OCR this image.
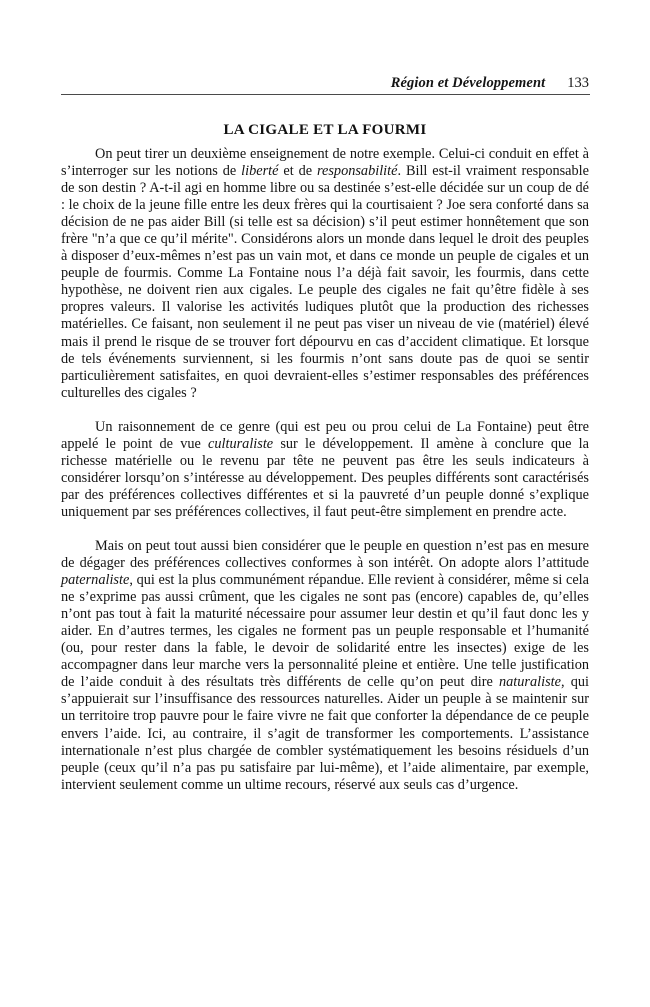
Région et Développement 133
LA CIGALE ET LA FOURMI

On peut tirer un deuxième enseignement de notre exemple. Celui-ci conduit en effet à s’interroger sur les notions de liberté et de responsabilité. Bill est-il vraiment responsable de son destin ? A-t-il agi en homme libre ou sa destinée s’est-elle décidée sur un coup de dé : le choix de la jeune fille entre les deux frères qui la courtisaient ? Joe sera conforté dans sa décision de ne pas aider Bill (si telle est sa décision) s’il peut estimer honnêtement que son frère "n’a que ce qu’il mérite". Considérons alors un monde dans lequel le droit des peuples à disposer d’eux-mêmes n’est pas un vain mot, et dans ce monde un peuple de cigales et un peuple de fourmis. Comme La Fontaine nous l’a déjà fait savoir, les fourmis, dans cette hypothèse, ne doivent rien aux cigales. Le peuple des cigales ne fait qu’être fidèle à ses propres valeurs. Il valorise les activités ludiques plutôt que la production des richesses matérielles. Ce faisant, non seulement il ne peut pas viser un niveau de vie (matériel) élevé mais il prend le risque de se trouver fort dépourvu en cas d’accident climatique. Et lorsque de tels événements surviennent, si les fourmis n’ont sans doute pas de quoi se sentir particulièrement satisfaites, en quoi devraient-elles s’estimer responsables des préférences culturelles des cigales ?

Un raisonnement de ce genre (qui est peu ou prou celui de La Fontaine) peut être appelé le point de vue culturaliste sur le développement. Il amène à conclure que la richesse matérielle ou le revenu par tête ne peuvent pas être les seuls indicateurs à considérer lorsqu’on s’intéresse au développement. Des peuples différents sont caractérisés par des préférences collectives différentes et si la pauvreté d’un peuple donné s’explique uniquement par ses préférences collectives, il faut peut-être simplement en prendre acte.

Mais on peut tout aussi bien considérer que le peuple en question n’est pas en mesure de dégager des préférences collectives conformes à son intérêt. On adopte alors l’attitude paternaliste, qui est la plus communément répandue. Elle revient à considérer, même si cela ne s’exprime pas aussi crûment, que les cigales ne sont pas (encore) capables de, qu’elles n’ont pas tout à fait la maturité nécessaire pour assumer leur destin et qu’il faut donc les y aider. En d’autres termes, les cigales ne forment pas un peuple responsable et l’humanité (ou, pour rester dans la fable, le devoir de solidarité entre les insectes) exige de les accompagner dans leur marche vers la personnalité pleine et entière. Une telle justification de l’aide conduit à des résultats très différents de celle qu’on peut dire naturaliste, qui s’appuierait sur l’insuffisance des ressources naturelles. Aider un peuple à se maintenir sur un territoire trop pauvre pour le faire vivre ne fait que conforter la dépendance de ce peuple envers l’aide. Ici, au contraire, il s’agit de transformer les comportements. L’assistance internationale n’est plus chargée de combler systématiquement les besoins résiduels d’un peuple (ceux qu’il n’a pas pu satisfaire par lui-même), et l’aide alimentaire, par exemple, intervient seulement comme un ultime recours, réservé aux seuls cas d’urgence.
